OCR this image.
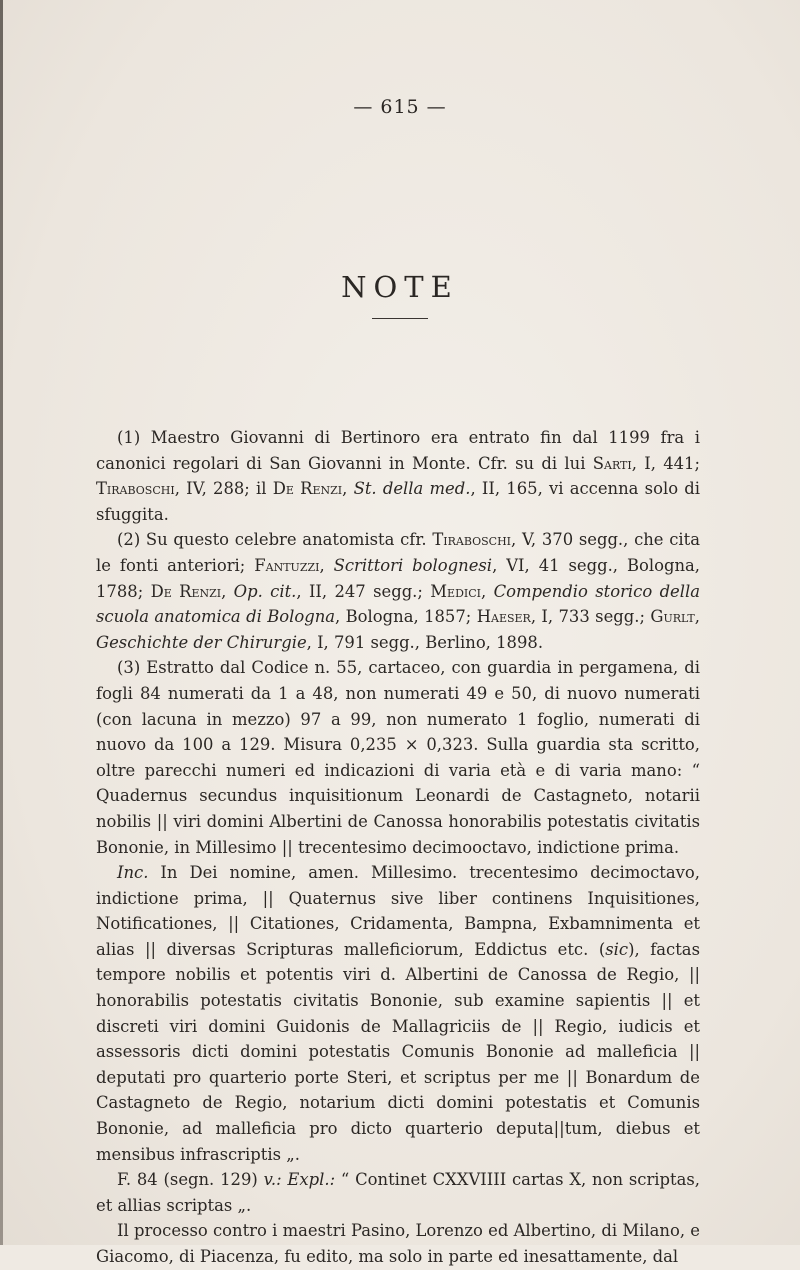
— 615 —
NOTE

(1) Maestro Giovanni di Bertinoro era entrato fin dal 1199 fra i canonici regolari di San Giovanni in Monte. Cfr. su di lui Sarti, I, 441; Tiraboschi, IV, 288; il De Renzi, St. della med., II, 165, vi accenna solo di sfuggita.

(2) Su questo celebre anatomista cfr. Tiraboschi, V, 370 segg., che cita le fonti anteriori; Fantuzzi, Scrittori bolognesi, VI, 41 segg., Bologna, 1788; De Renzi, Op. cit., II, 247 segg.; Medici, Compendio storico della scuola anatomica di Bologna, Bologna, 1857; Haeser, I, 733 segg.; Gurlt, Geschichte der Chirurgie, I, 791 segg., Berlino, 1898.

(3) Estratto dal Codice n. 55, cartaceo, con guardia in pergamena, di fogli 84 numerati da 1 a 48, non numerati 49 e 50, di nuovo numerati (con lacuna in mezzo) 97 a 99, non numerato 1 foglio, numerati di nuovo da 100 a 129. Misura 0,235 × 0,323. Sulla guardia sta scritto, oltre parecchi numeri ed indicazioni di varia età e di varia mano: “ Quadernus secundus inquisitionum Leonardi de Castagneto, notarii nobilis || viri domini Albertini de Canossa honorabilis potestatis civitatis Bononie, in Millesimo || trecentesimo decimooctavo, indictione prima.

Inc. In Dei nomine, amen. Millesimo. trecentesimo decimoctavo, indictione prima, || Quaternus sive liber continens Inquisitiones, Notificationes, || Citationes, Cridamenta, Bampna, Exbamnimenta et alias || diversas Scripturas malleficiorum, Eddictus etc. (sic), factas tempore nobilis et potentis viri d. Albertini de Canossa de Regio, || honorabilis potestatis civitatis Bononie, sub examine sapientis || et discreti viri domini Guidonis de Mallagriciis de || Regio, iudicis et assessoris dicti domini potestatis Comunis Bononie ad malleficia || deputati pro quarterio porte Steri, et scriptus per me || Bonardum de Castagneto de Regio, notarium dicti domini potestatis et Comunis Bononie, ad malleficia pro dicto quarterio deputa||tum, diebus et mensibus infrascriptis „.

F. 84 (segn. 129) v.: Expl.: “ Continet CXXVIIII cartas X, non scriptas, et allias scriptas „.

Il processo contro i maestri Pasino, Lorenzo ed Albertino, di Milano, e Giacomo, di Piacenza, fu edito, ma solo in parte ed inesattamente, dal
